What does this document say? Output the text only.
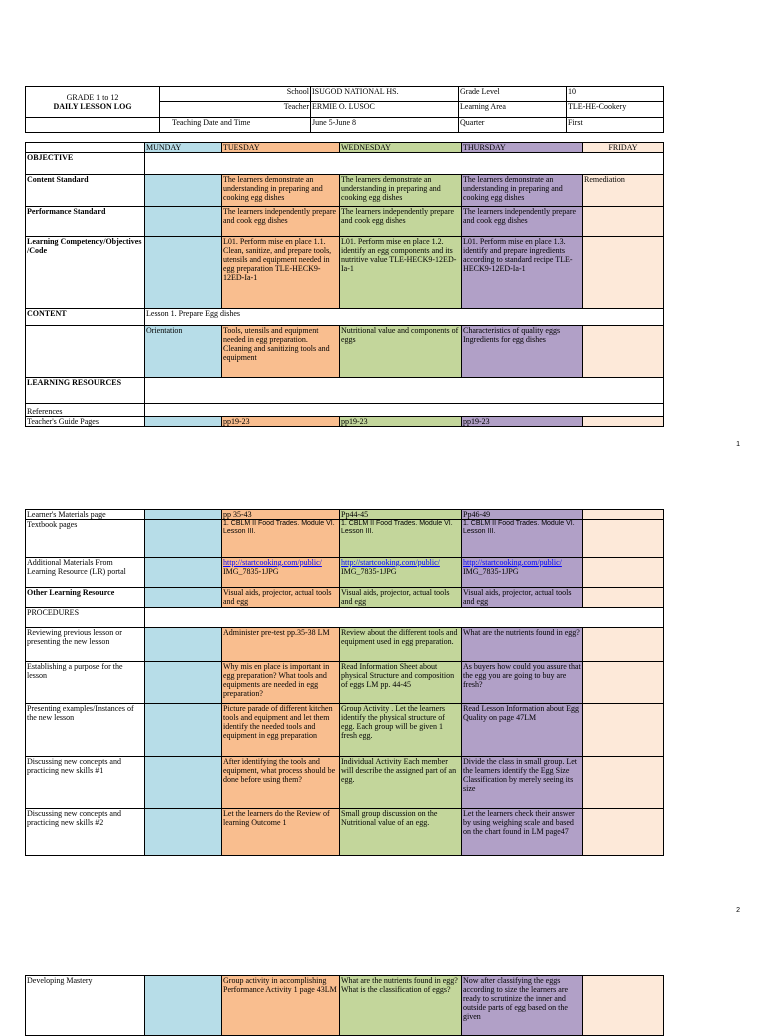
GRADE 1 to 12
DAILY LESSON LOG	School	ISUGOD NATIONAL HS.	Grade Level	10
	Teacher	ERMIE O. LUSOC	Learning Area	TLE-HE-Cookery
	Teaching Date and Time	June 5-June 8	Quarter	First
	MUNDAY	TUESDAY	WEDNESDAY	THURSDAY	FRIDAY
OBJECTIVE					
Content Standard		The learners demonstrate an understanding in preparing and cooking egg dishes	The learners demonstrate an understanding in preparing and cooking egg dishes	The learners demonstrate an understanding in preparing and cooking egg dishes	Remediation
Performance Standard		The learners independently prepare and cook egg dishes	The learners independently prepare and cook egg dishes	The learners independently prepare and cook egg dishes	
Learning Competency/Objectives /Code		L01. Perform mise en place 1.1. Clean, sanitize, and prepare tools, utensils and equipment needed in egg preparation TLE-HECK9-12ED-Ia-1	L01. Perform mise en place 1.2. identify an egg components and its nutritive value TLE-HECK9-12ED-Ia-1	L01. Perform mise en place 1.3. identify and prepare ingredients according to standard recipe TLE-HECK9-12ED-Ia-1	
CONTENT	Lesson 1. Prepare Egg dishes				
	Orientation	Tools, utensils and equipment needed in egg preparation. Cleaning and sanitizing tools and equipment	Nutritional value and components of eggs	Characteristics of quality eggs Ingredients for egg dishes	
LEARNING RESOURCES					
References					
Teacher's Guide Pages		pp19-23	pp19-23	pp19-23	
1
Learner's Materials page		pp 35-43	Pp44-45	Pp46-49	
Textbook pages		1. CBLM II Food Trades. Module VI. Lesson III.	1. CBLM II Food Trades. Module VI. Lesson III.	1. CBLM II Food Trades. Module VI. Lesson III.	
Additional Materials From Learning Resource (LR) portal		http://startcooking.com/public/ IMG_7835-1JPG	http://startcooking.com/public/ IMG_7835-1JPG	http://startcooking.com/public/ IMG_7835-1JPG	
Other Learning Resource		Visual aids, projector, actual tools and egg	Visual aids, projector, actual tools and egg	Visual aids, projector, actual tools and egg	
PROCEDURES					
Reviewing previous lesson or presenting the new lesson		Administer pre-test pp.35-38 LM	Review about the different tools and equipment used in egg preparation.	What are the nutrients found in egg?	
Establishing a purpose for the lesson		Why mis en place is important in egg preparation? What tools and equipments are needed in egg preparation?	Read Information Sheet about physical Structure and composition of eggs LM pp. 44-45	As buyers how could you assure that the egg you are going to buy are fresh?	
Presenting examples/Instances of the new lesson		Picture parade of different kitchen tools and equipment and let them identify the needed tools and equipment in egg preparation	Group Activity . Let the learners identify the physical structure of egg. Each group will be given 1 fresh egg.	Read Lesson Information about Egg Quality on page 47LM	
Discussing new concepts and practicing new skills #1		After identifying the tools and equipment, what process should be done before using them?	Individual Activity Each member will describe the assigned part of an egg.	Divide the class in small group. Let the learners identify the Egg Size Classification by merely seeing its size	
Discussing new concepts and practicing new skills #2		Let the learners do the Review of learning Outcome 1	Small group discussion on the Nutritional value of an egg.	Let the learners check their answer by using weighing scale and based on the chart found in LM page47	
2
Developing Mastery		Group activity in accomplishing Performance Activity 1 page 43LM	What are the nutrients found in egg? What is the classification of eggs?	Now after classifying the eggs according to size the learners are ready to scrutinize the inner and outside parts of egg based on the given	
